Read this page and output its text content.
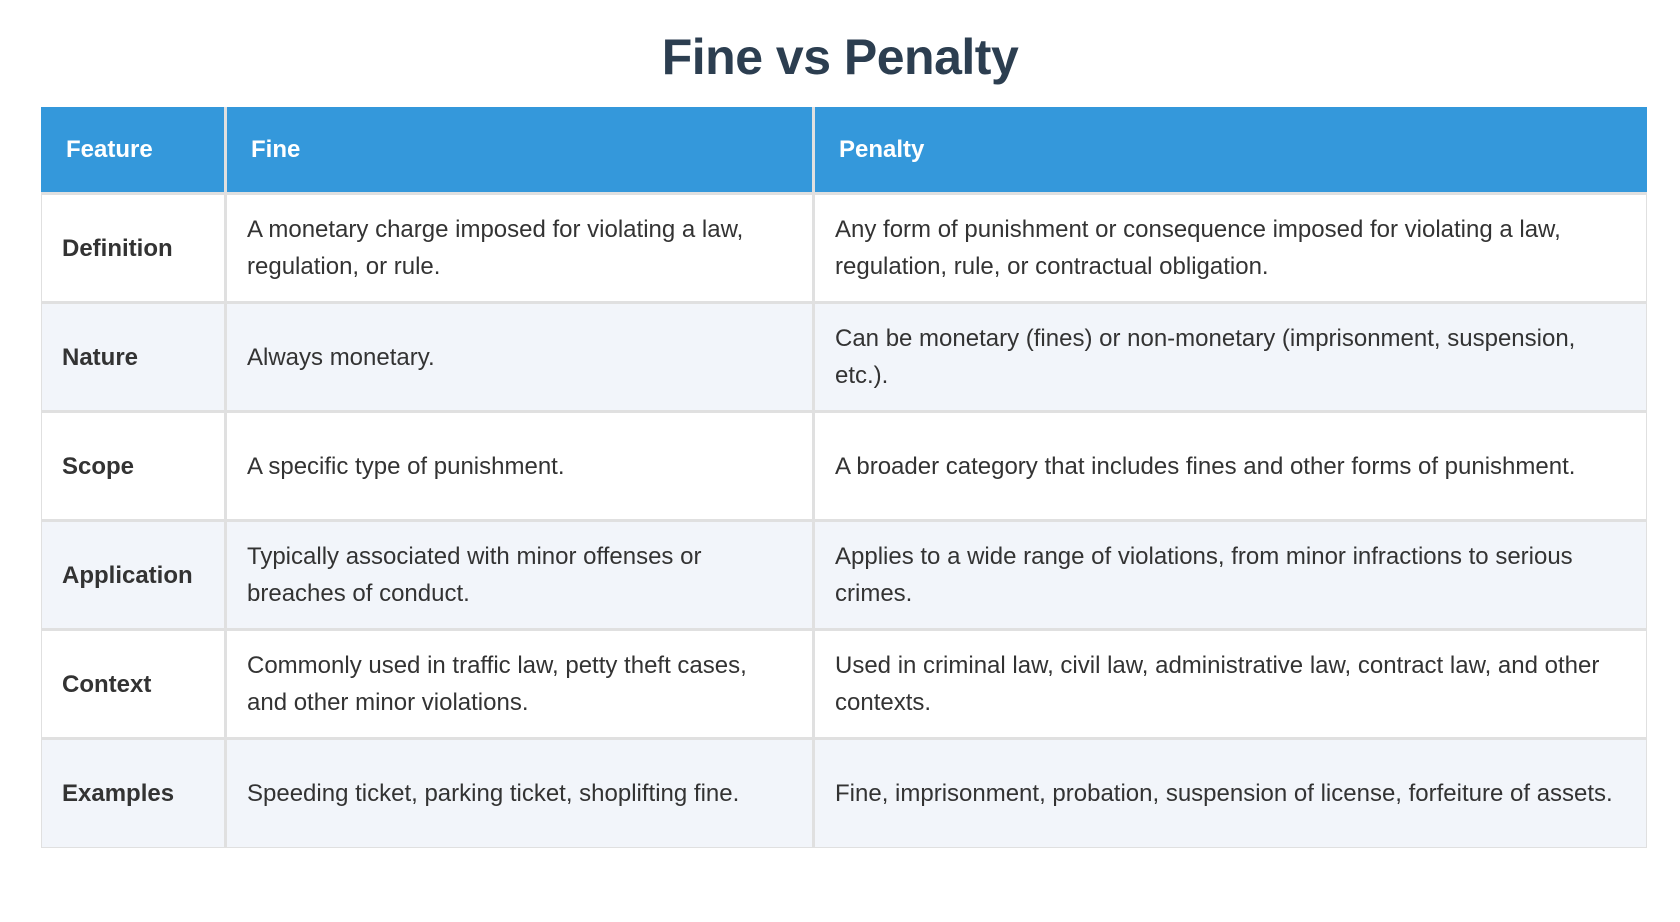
Fine vs Penalty
Feature	Fine	Penalty
Definition	A monetary charge imposed for violating a law, regulation, or rule.	Any form of punishment or consequence imposed for violating a law, regulation, rule, or contractual obligation.
Nature	Always monetary.	Can be monetary (fines) or non-monetary (imprisonment, suspension, etc.).
Scope	A specific type of punishment.	A broader category that includes fines and other forms of punishment.
Application	Typically associated with minor offenses or breaches of conduct.	Applies to a wide range of violations, from minor infractions to serious crimes.
Context	Commonly used in traffic law, petty theft cases, and other minor violations.	Used in criminal law, civil law, administrative law, contract law, and other contexts.
Examples	Speeding ticket, parking ticket, shoplifting fine.	Fine, imprisonment, probation, suspension of license, forfeiture of assets.
